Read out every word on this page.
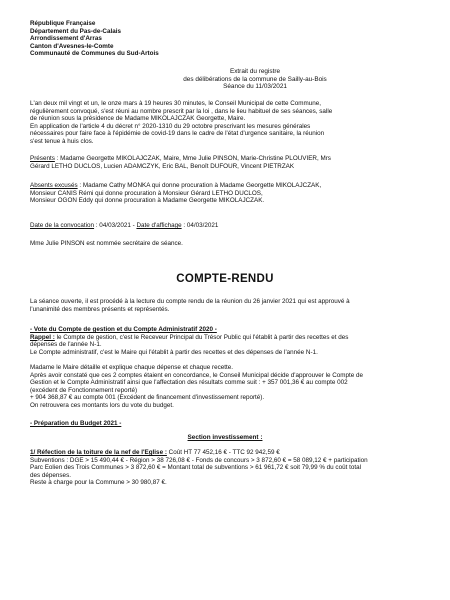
République Française
Département du Pas-de-Calais
Arrondissement d'Arras
Canton d'Avesnes-le-Comte
Communauté de Communes du Sud-Artois
Extrait du registre
des délibérations de la commune de Sailly-au-Bois
Séance du 11/03/2021
L'an deux mil vingt et un, le onze mars à 19 heures 30 minutes, le Conseil Municipal de cette Commune,
régulièrement convoqué, s'est réuni au nombre prescrit par la loi , dans le lieu habituel de ses séances, salle
de réunion sous la présidence de Madame MIKOLAJCZAK Georgette, Maire.
En application de l'article 4 du décret n° 2020-1310 du 29 octobre prescrivant les mesures générales
nécessaires pour faire face à l'épidémie de covid-19 dans le cadre de l'état d'urgence sanitaire, la réunion
s'est tenue à huis clos.
Présents : Madame Georgette MIKOLAJCZAK, Maire, Mme Julie PINSON, Marie-Christine PLOUVIER, Mrs
Gérard LETHO DUCLOS, Lucien ADAMCZYK, Eric BAL, Benoît DUFOUR, Vincent PIETRZAK
Absents excusés : Madame Cathy MONKA qui donne procuration à Madame Georgette MIKOLAJCZAK,
Monsieur CANIS Rémi qui donne procuration à Monsieur Gérard LETHO DUCLOS,
Monsieur OGON Eddy qui donne procuration à Madame Georgette MIKOLAJCZAK.
Date de la convocation : 04/03/2021 - Date d'affichage : 04/03/2021
Mme Julie PINSON est nommée secrétaire de séance.
COMPTE-RENDU
La séance ouverte, il est procédé à la lecture du compte rendu de la réunion du 26 janvier 2021 qui est approuvé à
l'unanimité des membres présents et représentés.
- Vote du Compte de gestion et du Compte Administratif 2020 -
Rappel : le Compte de gestion, c'est le Receveur Principal du Trésor Public qui l'établit à partir des recettes et des
dépenses de l'année N-1.
Le Compte administratif, c'est le Maire qui l'établit à partir des recettes et des dépenses de l'année N-1.

Madame le Maire détaille et explique chaque dépense et chaque recette.
Après avoir constaté que ces 2 comptes étaient en concordance, le Conseil Municipal décide d'approuver le Compte de
Gestion et le Compte Administratif ainsi que l'affectation des résultats comme suit : + 357 001,36 € au compte 002
(excédent de Fonctionnement reporté)
+ 904 368,87 € au compte 001 (Excédent de financement d'investissement reporté).
On retrouvera ces montants lors du vote du budget.
- Préparation du Budget 2021 -
Section investissement :
1/ Réfection de la toiture de la nef de l'Eglise : Coût HT 77 452,16 € - TTC 92 942,59 €
Subventions : DGE > 15 490,44 € - Région > 38 726,08 € - Fonds de concours > 3 872,60 € = 58 089,12 € + participation
Parc Eolien des Trois Communes > 3 872,60 € = Montant total de subventions > 61 961,72 € soit 79,99 % du coût total
des dépenses.
Reste à charge pour la Commune > 30 980,87 €.
